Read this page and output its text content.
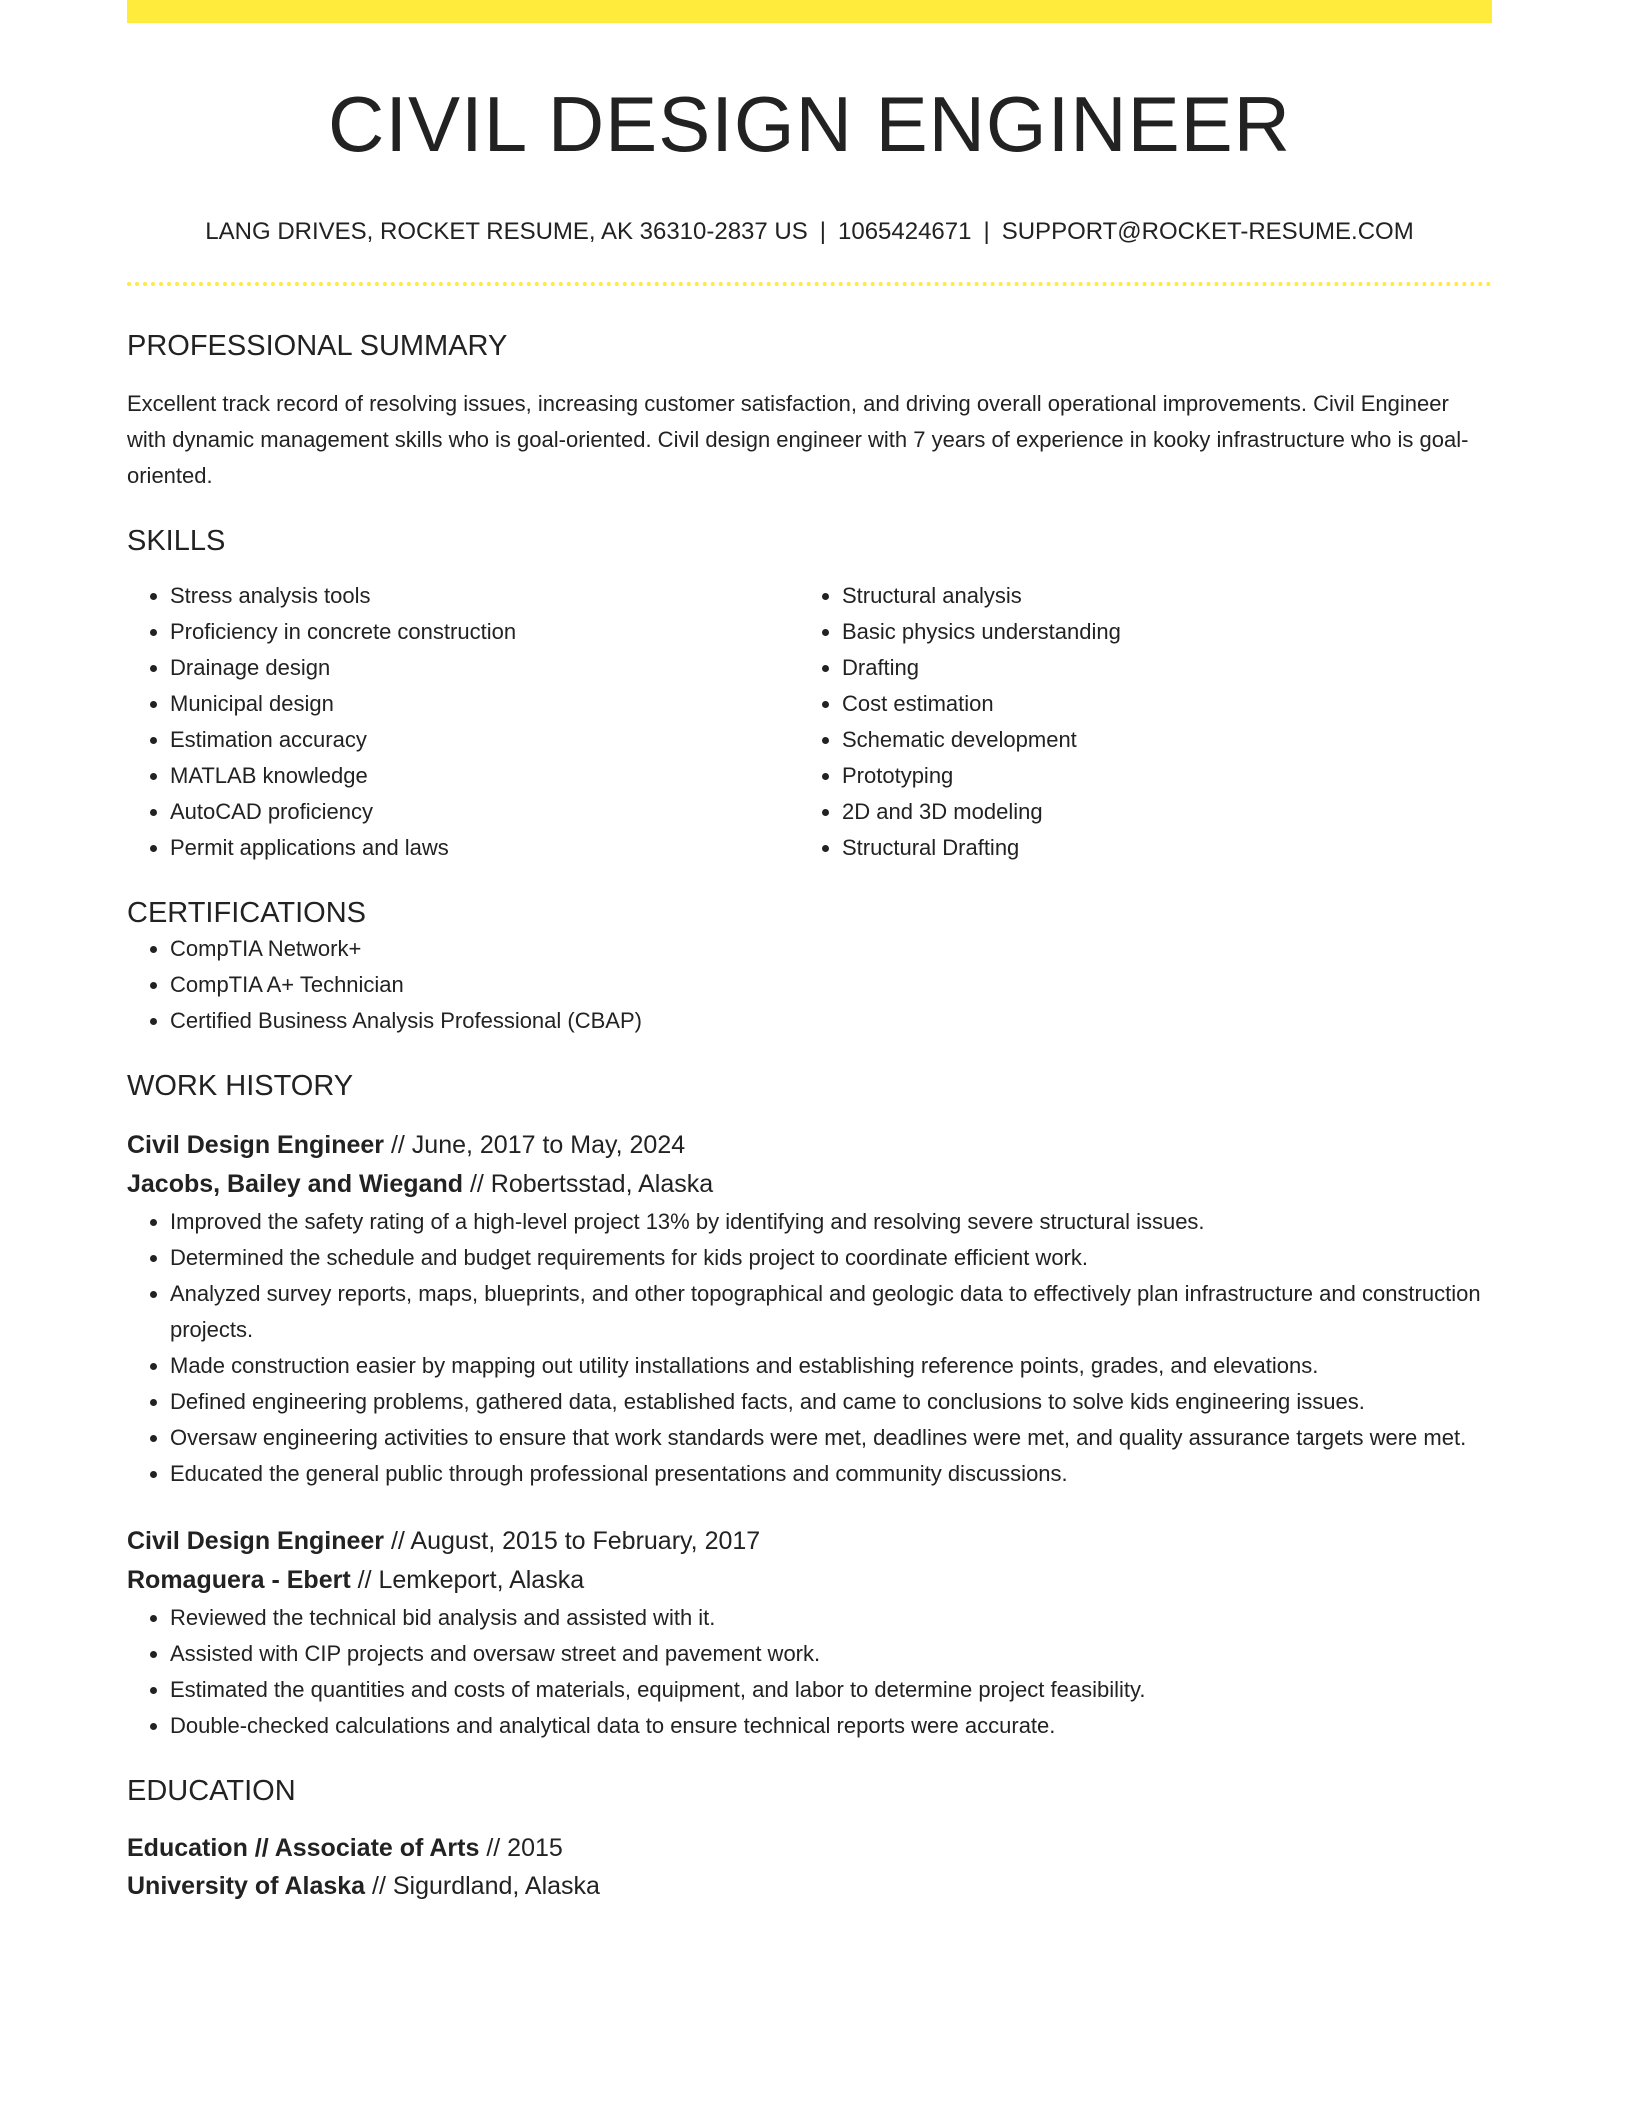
CIVIL DESIGN ENGINEER
LANG DRIVES, ROCKET RESUME, AK 36310-2837 US | 1065424671 | SUPPORT@ROCKET-RESUME.COM
PROFESSIONAL SUMMARY
Excellent track record of resolving issues, increasing customer satisfaction, and driving overall operational improvements. Civil Engineer with dynamic management skills who is goal-oriented. Civil design engineer with 7 years of experience in kooky infrastructure who is goal-oriented.
SKILLS
• Stress analysis tools
• Proficiency in concrete construction
• Drainage design
• Municipal design
• Estimation accuracy
• MATLAB knowledge
• AutoCAD proficiency
• Permit applications and laws
• Structural analysis
• Basic physics understanding
• Drafting
• Cost estimation
• Schematic development
• Prototyping
• 2D and 3D modeling
• Structural Drafting
CERTIFICATIONS
• CompTIA Network+
• CompTIA A+ Technician
• Certified Business Analysis Professional (CBAP)
WORK HISTORY
Civil Design Engineer // June, 2017 to May, 2024
Jacobs, Bailey and Wiegand // Robertsstad, Alaska
• Improved the safety rating of a high-level project 13% by identifying and resolving severe structural issues.
• Determined the schedule and budget requirements for kids project to coordinate efficient work.
• Analyzed survey reports, maps, blueprints, and other topographical and geologic data to effectively plan infrastructure and construction projects.
• Made construction easier by mapping out utility installations and establishing reference points, grades, and elevations.
• Defined engineering problems, gathered data, established facts, and came to conclusions to solve kids engineering issues.
• Oversaw engineering activities to ensure that work standards were met, deadlines were met, and quality assurance targets were met.
• Educated the general public through professional presentations and community discussions.
Civil Design Engineer // August, 2015 to February, 2017
Romaguera - Ebert // Lemkeport, Alaska
• Reviewed the technical bid analysis and assisted with it.
• Assisted with CIP projects and oversaw street and pavement work.
• Estimated the quantities and costs of materials, equipment, and labor to determine project feasibility.
• Double-checked calculations and analytical data to ensure technical reports were accurate.
EDUCATION
Education // Associate of Arts // 2015
University of Alaska // Sigurdland, Alaska
